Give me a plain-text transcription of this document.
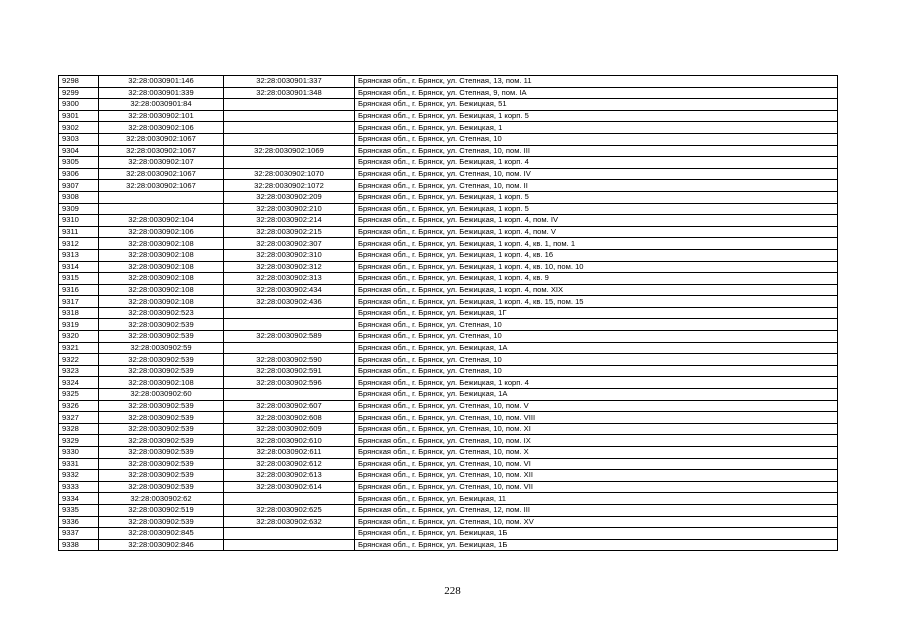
9298	32:28:0030901:146	32:28:0030901:337	Брянская обл., г. Брянск, ул. Степная, 13, пом. 11
9299	32:28:0030901:339	32:28:0030901:348	Брянская обл., г. Брянск, ул. Степная, 9, пом. IA
9300	32:28:0030901:84		Брянская обл., г. Брянск, ул. Бежицкая, 51
9301	32:28:0030902:101		Брянская обл., г. Брянск, ул. Бежицкая, 1 корп. 5
9302	32:28:0030902:106		Брянская обл., г. Брянск, ул. Бежицкая, 1
9303	32:28:0030902:1067		Брянская обл., г. Брянск, ул. Степная, 10
9304	32:28:0030902:1067	32:28:0030902:1069	Брянская обл., г. Брянск, ул. Степная, 10, пом. III
9305	32:28:0030902:107		Брянская обл., г. Брянск, ул. Бежицкая, 1 корп. 4
9306	32:28:0030902:1067	32:28:0030902:1070	Брянская обл., г. Брянск, ул. Степная, 10, пом. IV
9307	32:28:0030902:1067	32:28:0030902:1072	Брянская обл., г. Брянск, ул. Степная, 10, пом. II
9308		32:28:0030902:209	Брянская обл., г. Брянск, ул. Бежицкая, 1 корп. 5
9309		32:28:0030902:210	Брянская обл., г. Брянск, ул. Бежицкая, 1 корп. 5
9310	32:28:0030902:104	32:28:0030902:214	Брянская обл., г. Брянск, ул. Бежицкая, 1 корп. 4, пом. IV
9311	32:28:0030902:106	32:28:0030902:215	Брянская обл., г. Брянск, ул. Бежицкая, 1 корп. 4, пом. V
9312	32:28:0030902:108	32:28:0030902:307	Брянская обл., г. Брянск, ул. Бежицкая, 1 корп. 4, кв. 1, пом. 1
9313	32:28:0030902:108	32:28:0030902:310	Брянская обл., г. Брянск, ул. Бежицкая, 1 корп. 4, кв. 16
9314	32:28:0030902:108	32:28:0030902:312	Брянская обл., г. Брянск, ул. Бежицкая, 1 корп. 4, кв. 10, пом. 10
9315	32:28:0030902:108	32:28:0030902:313	Брянская обл., г. Брянск, ул. Бежицкая, 1 корп. 4, кв. 9
9316	32:28:0030902:108	32:28:0030902:434	Брянская обл., г. Брянск, ул. Бежицкая, 1 корп. 4, пом. XIX
9317	32:28:0030902:108	32:28:0030902:436	Брянская обл., г. Брянск, ул. Бежицкая, 1 корп. 4, кв. 15, пом. 15
9318	32:28:0030902:523		Брянская обл., г. Брянск, ул. Бежицкая, 1Г
9319	32:28:0030902:539		Брянская обл., г. Брянск, ул. Степная, 10
9320	32:28:0030902:539	32:28:0030902:589	Брянская обл., г. Брянск, ул. Степная, 10
9321	32:28:0030902:59		Брянская обл., г. Брянск, ул. Бежицкая, 1А
9322	32:28:0030902:539	32:28:0030902:590	Брянская обл., г. Брянск, ул. Степная, 10
9323	32:28:0030902:539	32:28:0030902:591	Брянская обл., г. Брянск, ул. Степная, 10
9324	32:28:0030902:108	32:28:0030902:596	Брянская обл., г. Брянск, ул. Бежицкая, 1 корп. 4
9325	32:28:0030902:60		Брянская обл., г. Брянск, ул. Бежицкая, 1А
9326	32:28:0030902:539	32:28:0030902:607	Брянская обл., г. Брянск, ул. Степная, 10, пом. V
9327	32:28:0030902:539	32:28:0030902:608	Брянская обл., г. Брянск, ул. Степная, 10, пом. VIII
9328	32:28:0030902:539	32:28:0030902:609	Брянская обл., г. Брянск, ул. Степная, 10, пом. XI
9329	32:28:0030902:539	32:28:0030902:610	Брянская обл., г. Брянск, ул. Степная, 10, пом. IX
9330	32:28:0030902:539	32:28:0030902:611	Брянская обл., г. Брянск, ул. Степная, 10, пом. X
9331	32:28:0030902:539	32:28:0030902:612	Брянская обл., г. Брянск, ул. Степная, 10, пом. VI
9332	32:28:0030902:539	32:28:0030902:613	Брянская обл., г. Брянск, ул. Степная, 10, пом. XII
9333	32:28:0030902:539	32:28:0030902:614	Брянская обл., г. Брянск, ул. Степная, 10, пом. VII
9334	32:28:0030902:62		Брянская обл., г. Брянск, ул. Бежицкая, 11
9335	32:28:0030902:519	32:28:0030902:625	Брянская обл., г. Брянск, ул. Степная, 12, пом. III
9336	32:28:0030902:539	32:28:0030902:632	Брянская обл., г. Брянск, ул. Степная, 10, пом. XV
9337	32:28:0030902:845		Брянская обл., г. Брянск, ул. Бежицкая, 1Б
9338	32:28:0030902:846		Брянская обл., г. Брянск, ул. Бежицкая, 1Б
228
